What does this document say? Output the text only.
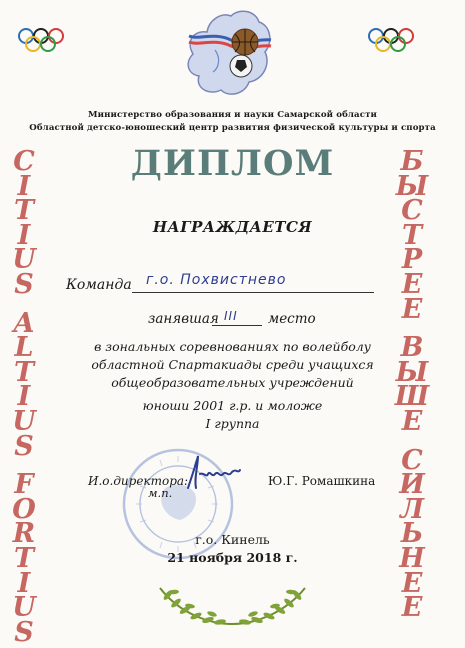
Министерство образования и науки Самарской области
Областной детско-юношеский центр развития физической культуры и спорта
ДИПЛОМ
НАГРАЖДАЕТСЯ
C
I
T
I
U
S
A
L
T
I
U
S
F
O
R
T
I
U
S
Б
Ы
С
Т
Р
Е
Е
В
Ы
Ш
Е
С
И
Л
Ь
Н
Е
Е
Команда г.о. Похвистнево
занявшая III место
в зональных соревнованиях по волейболу
областной Спартакиады среди учащихся
общеобразовательных учреждений
юноши 2001 г.р. и моложе
I группа
И.о.директора:
м.п.
Ю.Г. Ромашкина
г.о. Кинель
21 ноября 2018 г.
